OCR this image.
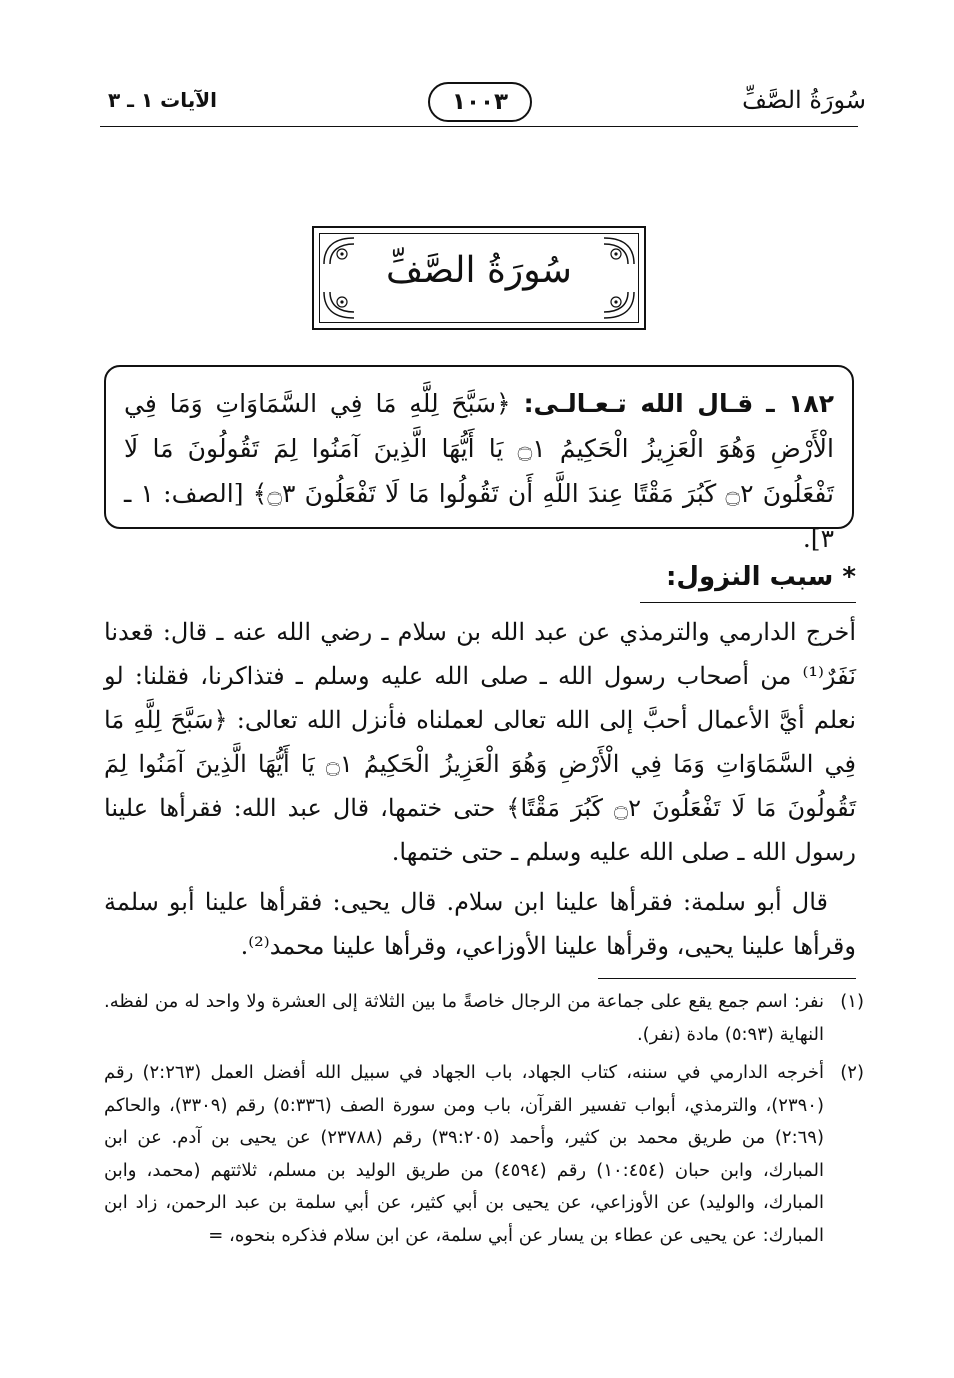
سُورَةُ الصَّفِّ
١٠٠٣
الآيات ١ ـ ٣
سُورَةُ الصَّفِّ
١٨٢ ـ قـال الله تـعـالـى: ﴿سَبَّحَ لِلَّهِ مَا فِي السَّمَاوَاتِ وَمَا فِي الْأَرْضِ وَهُوَ الْعَزِيزُ الْحَكِيمُ ۝١ يَا أَيُّهَا الَّذِينَ آمَنُوا لِمَ تَقُولُونَ مَا لَا تَفْعَلُونَ ۝٢ كَبُرَ مَقْتًا عِندَ اللَّهِ أَن تَقُولُوا مَا لَا تَفْعَلُونَ ۝٣﴾ [الصف: ١ ـ ٣].
* سبب النزول:
أخرج الدارمي والترمذي عن عبد الله بن سلام ـ رضي الله عنه ـ قال: قعدنا نَفَرٌ⁽¹⁾ من أصحاب رسول الله ـ صلى الله عليه وسلم ـ فتذاكرنا، فقلنا: لو نعلم أيَّ الأعمال أحبَّ إلى الله تعالى لعملناه فأنزل الله تعالى: ﴿سَبَّحَ لِلَّهِ مَا فِي السَّمَاوَاتِ وَمَا فِي الْأَرْضِ وَهُوَ الْعَزِيزُ الْحَكِيمُ ۝١ يَا أَيُّهَا الَّذِينَ آمَنُوا لِمَ تَقُولُونَ مَا لَا تَفْعَلُونَ ۝٢ كَبُرَ مَقْتًا﴾ حتى ختمها، قال عبد الله: فقرأها علينا رسول الله ـ صلى الله عليه وسلم ـ حتى ختمها.
قال أبو سلمة: فقرأها علينا ابن سلام. قال يحيى: فقرأها علينا أبو سلمة وقرأها علينا يحيى، وقرأها علينا الأوزاعي، وقرأها علينا محمد⁽²⁾.
(١)
نفر: اسم جمع يقع على جماعة من الرجال خاصةً ما بين الثلاثة إلى العشرة ولا واحد له من لفظه. النهاية (٥:٩٣) مادة (نفر).
(٢)
أخرجه الدارمي في سننه، كتاب الجهاد، باب الجهاد في سبيل الله أفضل العمل (٢:٢٦٣) رقم (٢٣٩٠)، والترمذي، أبواب تفسير القرآن، باب ومن سورة الصف (٥:٣٣٦) رقم (٣٣٠٩)، والحاكم (٢:٦٩) من طريق محمد بن كثير، وأحمد (٣٩:٢٠٥) رقم (٢٣٧٨٨) عن يحيى بن آدم. عن ابن المبارك، وابن حبان (١٠:٤٥٤) رقم (٤٥٩٤) من طريق الوليد بن مسلم، ثلاثتهم (محمد، وابن المبارك، والوليد) عن الأوزاعي، عن يحيى بن أبي كثير، عن أبي سلمة بن عبد الرحمن، زاد ابن المبارك: عن يحيى عن عطاء بن يسار عن أبي سلمة، عن ابن سلام فذكره بنحوه، =
